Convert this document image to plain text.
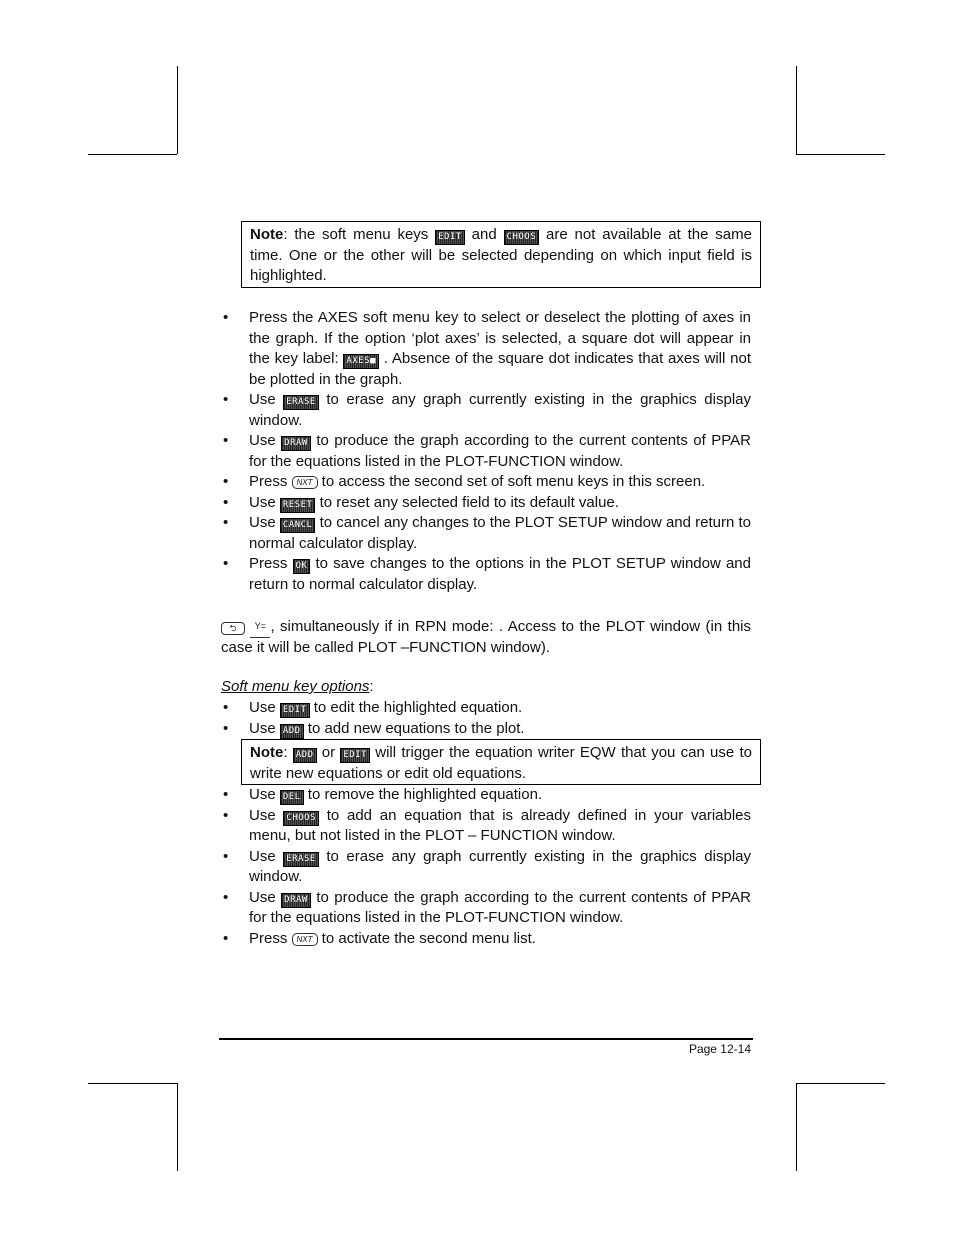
Note: the soft menu keys EDIT and CHOOS are not available at the same time. One or the other will be selected depending on which input field is highlighted.
• Press the AXES soft menu key to select or deselect the plotting of axes in the graph. If the option ‘plot axes’ is selected, a square dot will appear in the key label: AXES■ . Absence of the square dot indicates that axes will not be plotted in the graph.
• Use ERASE to erase any graph currently existing in the graphics display window.
• Use DRAW to produce the graph according to the current contents of PPAR for the equations listed in the PLOT-FUNCTION window.
• Press NXT to access the second set of soft menu keys in this screen.
• Use RESET to reset any selected field to its default value.
• Use CANCL to cancel any changes to the PLOT SETUP window and return to normal calculator display.
• Press OK to save changes to the options in the PLOT SETUP window and return to normal calculator display.
⮌ Y= , simultaneously if in RPN mode: . Access to the PLOT window (in this case it will be called PLOT –FUNCTION window).
Soft menu key options:
• Use EDIT to edit the highlighted equation.
• Use ADD to add new equations to the plot.
Note: ADD or EDIT will trigger the equation writer EQW that you can use to write new equations or edit old equations.
• Use DEL to remove the highlighted equation.
• Use CHOOS to add an equation that is already defined in your variables menu, but not listed in the PLOT – FUNCTION window.
• Use ERASE to erase any graph currently existing in the graphics display window.
• Use DRAW to produce the graph according to the current contents of PPAR for the equations listed in the PLOT-FUNCTION window.
• Press NXT to activate the second menu list.
Page 12-14
